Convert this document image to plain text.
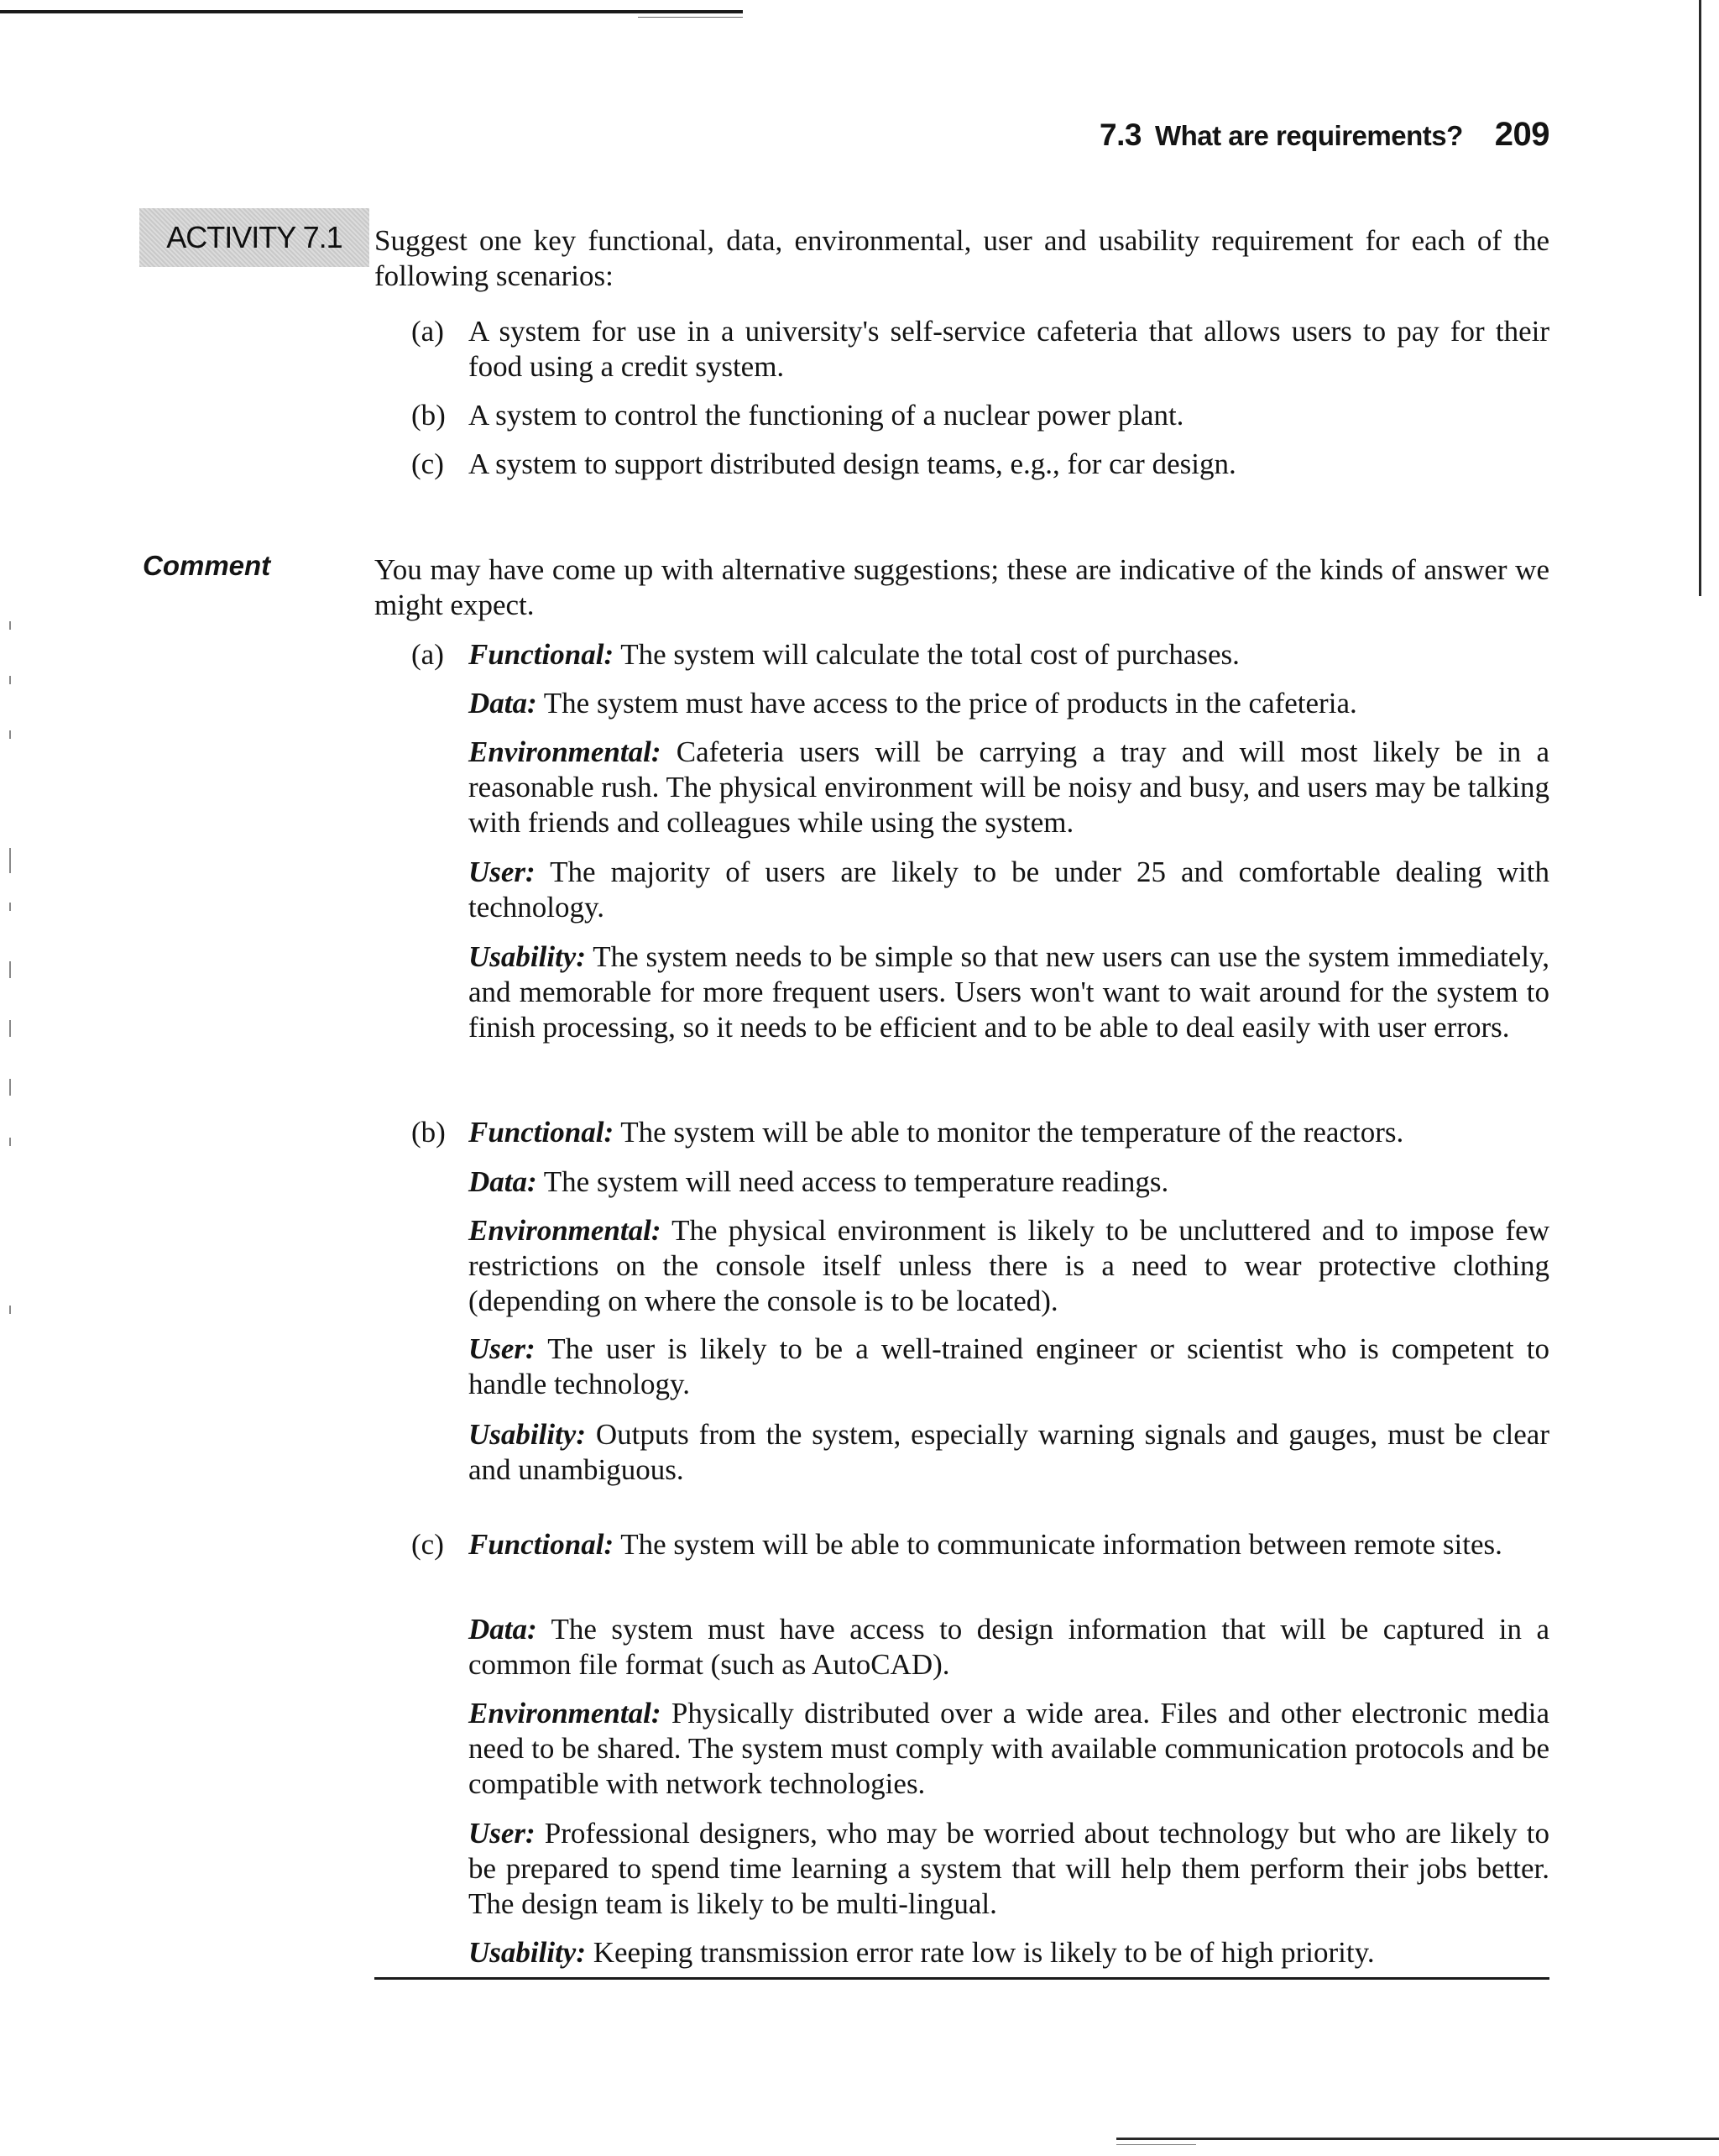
7.3 What are requirements? 209
ACTIVITY 7.1	Suggest one key functional, data, environmental, user and usability requirement for each of the following scenarios:

(a) A system for use in a university's self-service cafeteria that allows users to pay for their food using a credit system.

(b) A system to control the functioning of a nuclear power plant.

(c) A system to support distributed design teams, e.g., for car design.

Comment	You may have come up with alternative suggestions; these are indicative of the kinds of answer we might expect.

(a) Functional: The system will calculate the total cost of purchases.

Data: The system must have access to the price of products in the cafeteria.

Environmental: Cafeteria users will be carrying a tray and will most likely be in a reasonable rush. The physical environment will be noisy and busy, and users may be talking with friends and colleagues while using the system.

User: The majority of users are likely to be under 25 and comfortable dealing with technology.

Usability: The system needs to be simple so that new users can use the system immediately, and memorable for more frequent users. Users won't want to wait around for the system to finish processing, so it needs to be efficient and to be able to deal easily with user errors.

(b) Functional: The system will be able to monitor the temperature of the reactors.

Data: The system will need access to temperature readings.

Environmental: The physical environment is likely to be uncluttered and to impose few restrictions on the console itself unless there is a need to wear protective clothing (depending on where the console is to be located).

User: The user is likely to be a well-trained engineer or scientist who is competent to handle technology.

Usability: Outputs from the system, especially warning signals and gauges, must be clear and unambiguous.

(c) Functional: The system will be able to communicate information between remote sites.

Data: The system must have access to design information that will be captured in a common file format (such as AutoCAD).

Environmental: Physically distributed over a wide area. Files and other electronic media need to be shared. The system must comply with available communication protocols and be compatible with network technologies.

User: Professional designers, who may be worried about technology but who are likely to be prepared to spend time learning a system that will help them perform their jobs better. The design team is likely to be multi-lingual.

Usability: Keeping transmission error rate low is likely to be of high priority.
